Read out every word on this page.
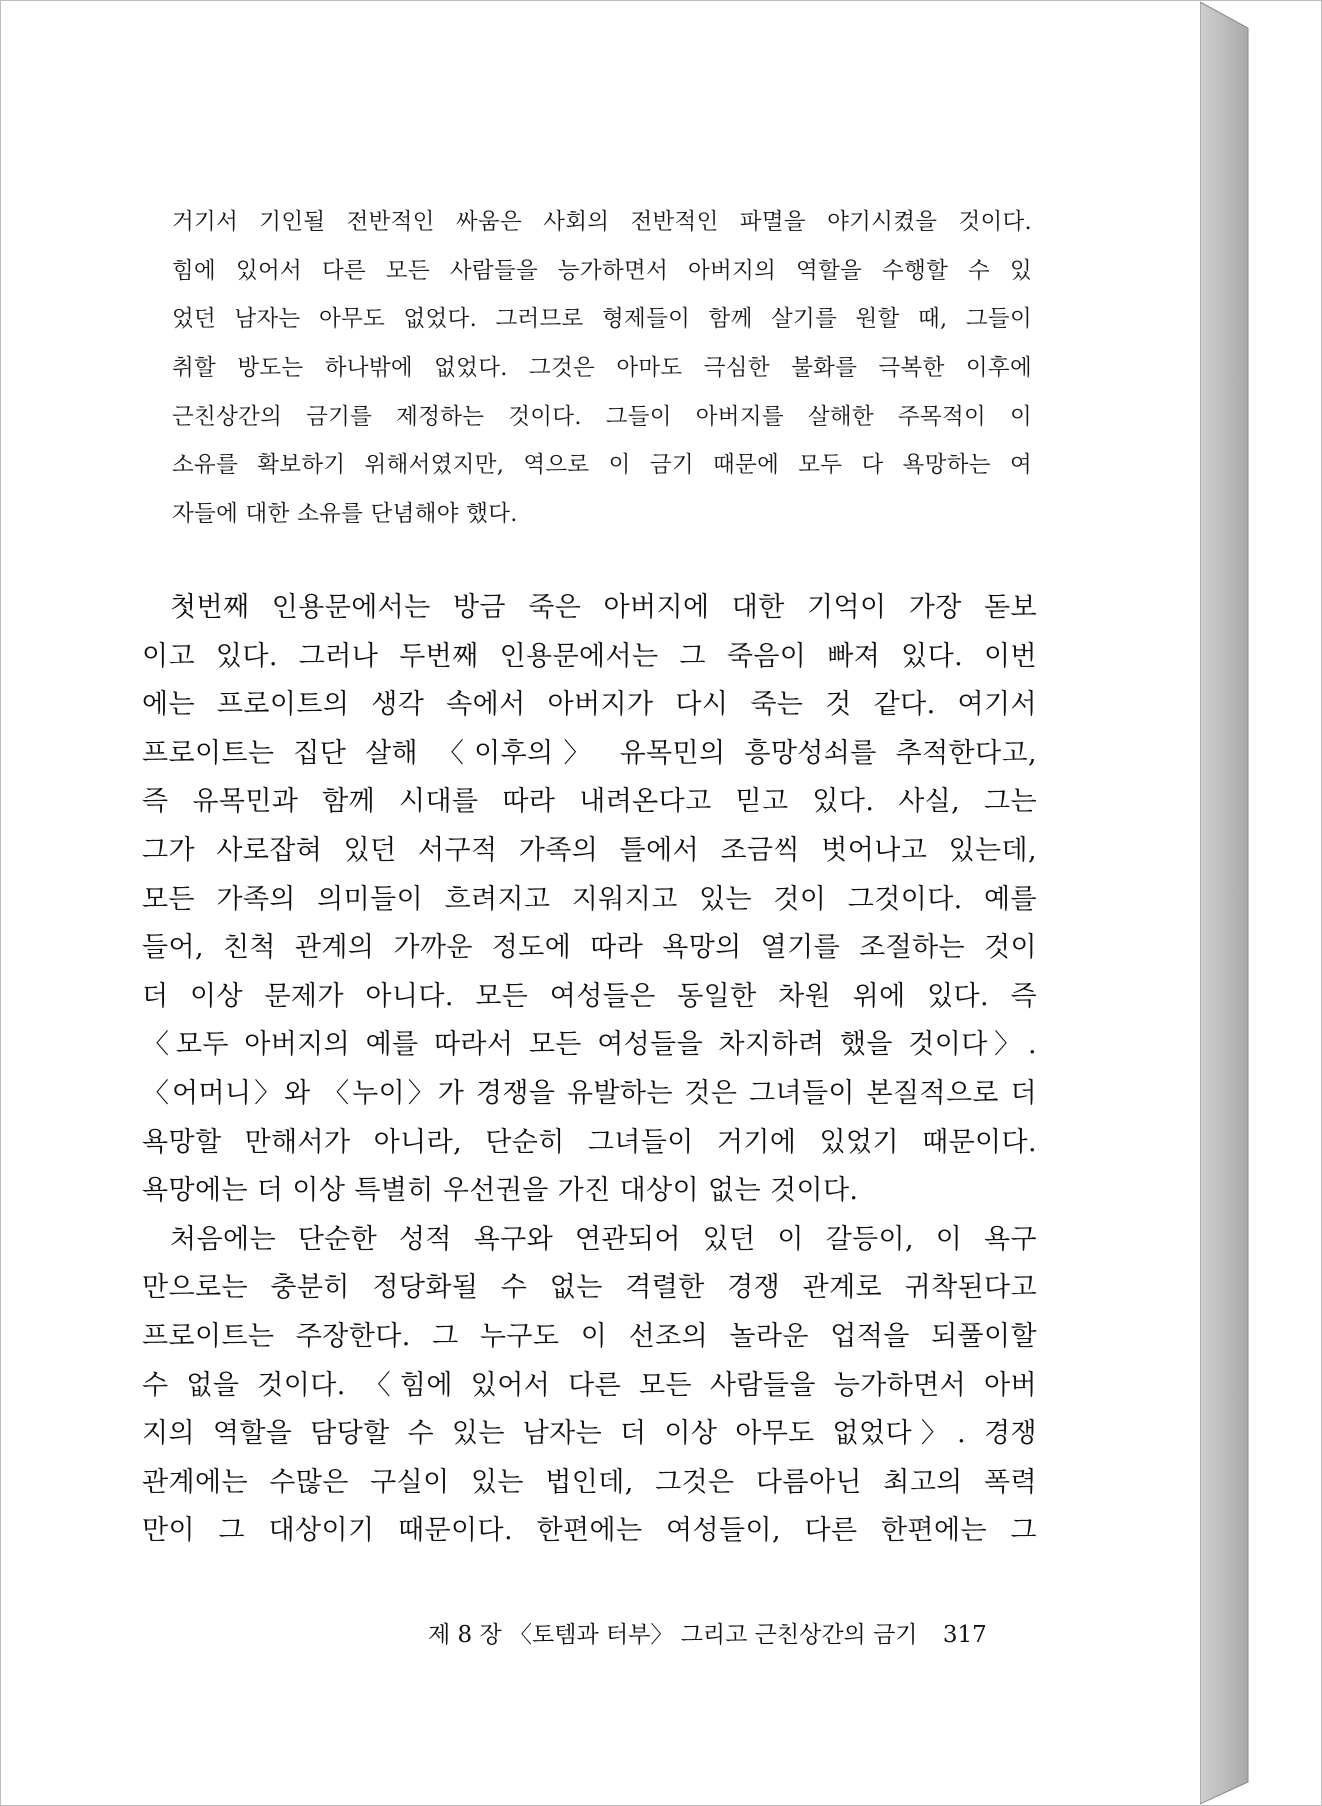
거기서 기인될 전반적인 싸움은 사회의 전반적인 파멸을 야기시켰을 것이다.
힘에 있어서 다른 모든 사람들을 능가하면서 아버지의 역할을 수행할 수 있
었던 남자는 아무도 없었다. 그러므로 형제들이 함께 살기를 원할 때, 그들이
취할 방도는 하나밖에 없었다. 그것은 아마도 극심한 불화를 극복한 이후에
근친상간의 금기를 제정하는 것이다. 그들이 아버지를 살해한 주목적이 이
소유를 확보하기 위해서였지만, 역으로 이 금기 때문에 모두 다 욕망하는 여
자들에 대한 소유를 단념해야 했다.
첫번째 인용문에서는 방금 죽은 아버지에 대한 기억이 가장 돋보
이고 있다. 그러나 두번째 인용문에서는 그 죽음이 빠져 있다. 이번
에는 프로이트의 생각 속에서 아버지가 다시 죽는 것 같다. 여기서
프로이트는 집단 살해 〈이후의〉 유목민의 흥망성쇠를 추적한다고,
즉 유목민과 함께 시대를 따라 내려온다고 믿고 있다. 사실, 그는
그가 사로잡혀 있던 서구적 가족의 틀에서 조금씩 벗어나고 있는데,
모든 가족의 의미들이 흐려지고 지워지고 있는 것이 그것이다. 예를
들어, 친척 관계의 가까운 정도에 따라 욕망의 열기를 조절하는 것이
더 이상 문제가 아니다. 모든 여성들은 동일한 차원 위에 있다. 즉
〈모두 아버지의 예를 따라서 모든 여성들을 차지하려 했을 것이다〉.
〈어머니〉와 〈누이〉가 경쟁을 유발하는 것은 그녀들이 본질적으로 더
욕망할 만해서가 아니라, 단순히 그녀들이 거기에 있었기 때문이다.
욕망에는 더 이상 특별히 우선권을 가진 대상이 없는 것이다.
처음에는 단순한 성적 욕구와 연관되어 있던 이 갈등이, 이 욕구
만으로는 충분히 정당화될 수 없는 격렬한 경쟁 관계로 귀착된다고
프로이트는 주장한다. 그 누구도 이 선조의 놀라운 업적을 되풀이할
수 없을 것이다. 〈힘에 있어서 다른 모든 사람들을 능가하면서 아버
지의 역할을 담당할 수 있는 남자는 더 이상 아무도 없었다〉. 경쟁
관계에는 수많은 구실이 있는 법인데, 그것은 다름아닌 최고의 폭력
만이 그 대상이기 때문이다. 한편에는 여성들이, 다른 한편에는 그
제 8 장 〈토템과 터부〉 그리고 근친상간의 금기 317
